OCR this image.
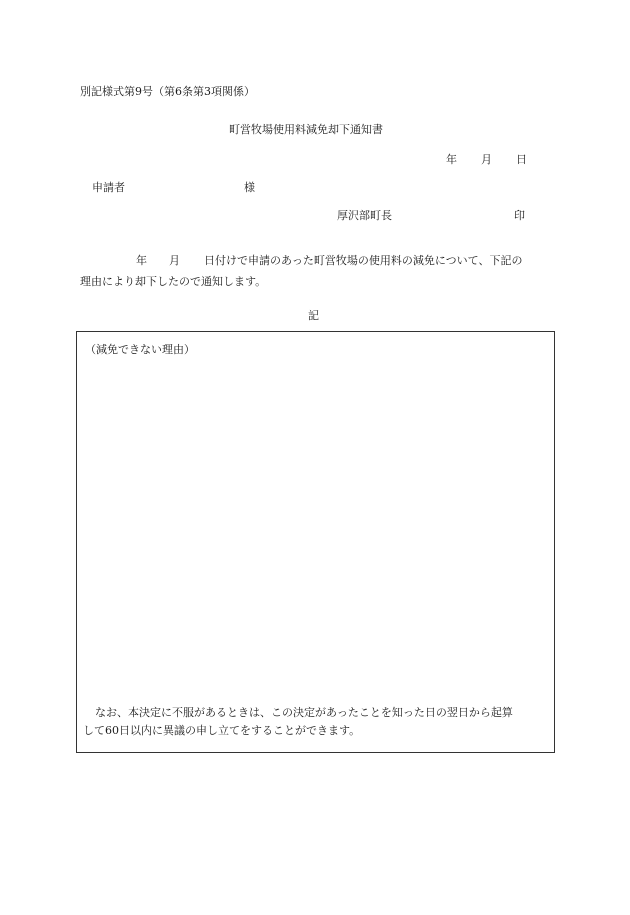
別記様式第9号（第6条第3項関係）
町営牧場使用料減免却下通知書
年 月 日
申請者	様
厚沢部町長	印
年 月 日付けで申請のあった町営牧場の使用料の減免について、下記の
理由により却下したので通知します。
記
（減免できない理由）
なお、本決定に不服があるときは、この決定があったことを知った日の翌日から起算
して60日以内に異議の申し立てをすることができます。
